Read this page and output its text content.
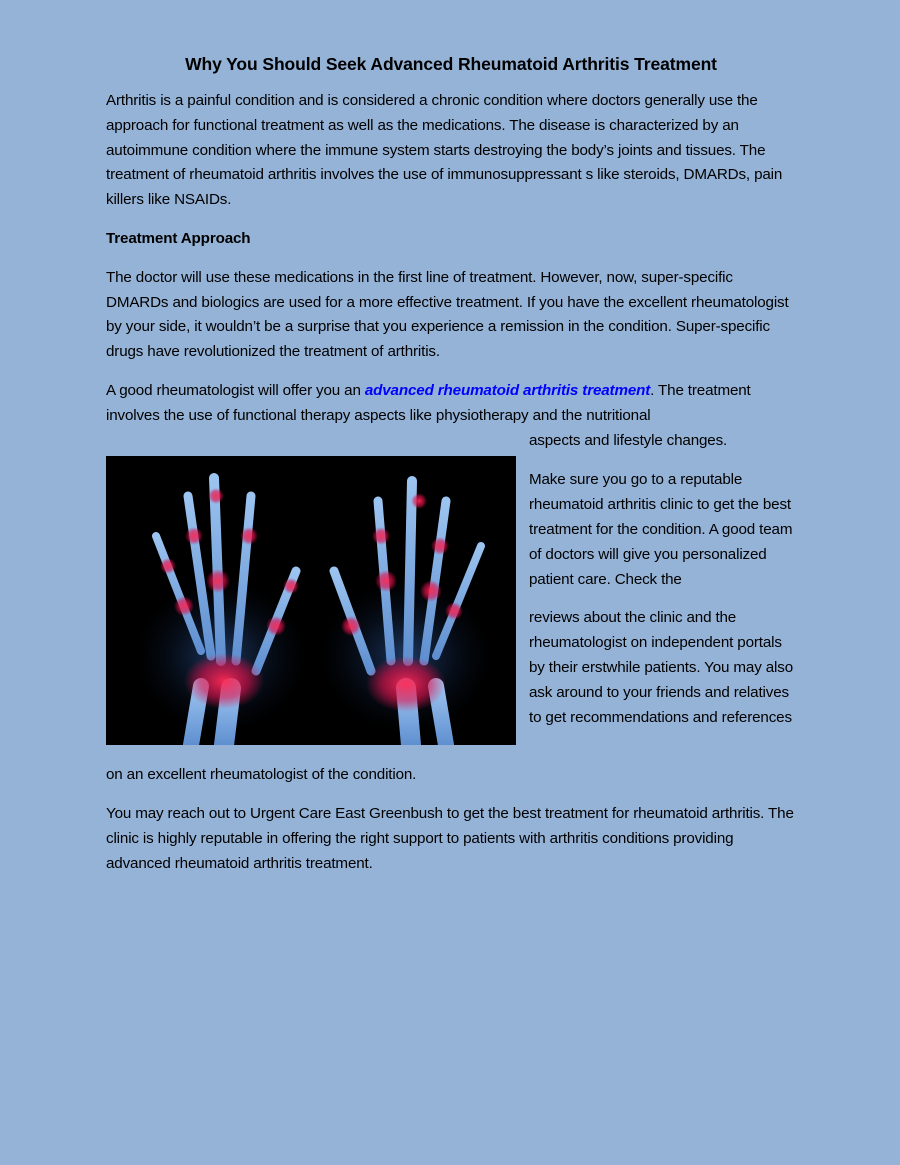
Why You Should Seek Advanced Rheumatoid Arthritis Treatment

Arthritis is a painful condition and is considered a chronic condition where doctors generally use the approach for functional treatment as well as the medications. The disease is characterized by an autoimmune condition where the immune system starts destroying the body’s joints and tissues. The treatment of rheumatoid arthritis involves the use of immunosuppressant s like steroids, DMARDs, pain killers like NSAIDs.

Treatment Approach

The doctor will use these medications in the first line of treatment. However, now, super-specific DMARDs and biologics are used for a more effective treatment. If you have the excellent rheumatologist by your side, it wouldn’t be a surprise that you experience a remission in the condition. Super-specific drugs have revolutionized the treatment of arthritis.

A good rheumatologist will offer you an advanced rheumatoid arthritis treatment. The treatment involves the use of functional therapy aspects like physiotherapy and the nutritional
aspects and lifestyle changes.

Make sure you go to a reputable rheumatoid arthritis clinic to get the best treatment for the condition. A good team of doctors will give you personalized patient care. Check the

reviews about the clinic and the rheumatologist on independent portals by their erstwhile patients. You may also ask around to your friends and relatives to get recommendations and references

on an excellent rheumatologist of the condition.

You may reach out to Urgent Care East Greenbush to get the best treatment for rheumatoid arthritis. The clinic is highly reputable in offering the right support to patients with arthritis conditions providing advanced rheumatoid arthritis treatment.
